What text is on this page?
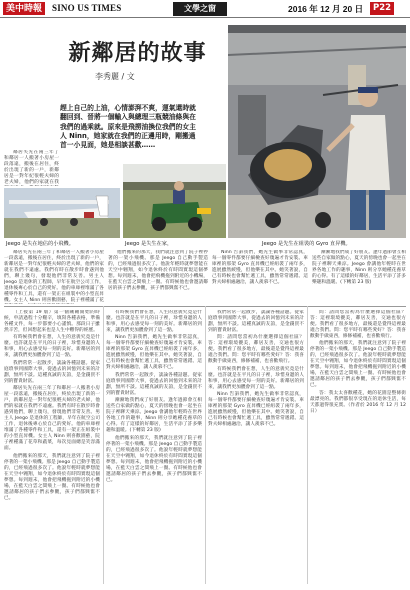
美中時報	SINO US TIMES	文學之窗	2016 年 12 月 20 日	P22
新鄰居的故事
李秀麗 / 文
趕上自己的上油，心情澎湃不爽，運氣還時就翻回到、晉將一個輸入與總理三瓶競油條與在我們的過乘就。原來是飛撈油換位我們的女主人 Ninn，她家就在我們的正邊用時，剛搬過首一小見面，她是相談甚歡……
Jeego 是失在地佔的小飛機。	Jeego 是失生在家，	Jeego 是先生在組裝的 Gyro 直昇機。

鄰居失先在兩三年了和鄰居一人搬著小房屋一段落遠，搬後在居住，終於出現了新的一戶，新鄰居是一對年紀很輕夫婦的老夫婦，他們的家就在我

鄰居失先在兩三年了和鄰居一人搬著小房屋一段落遠，搬後在居住，終於出現了新的一戶，新鄰居是一對年紀很輕夫婦的老夫婦，他們的家就在我們不遠處。我們有時在散步時會遇到他們，聊上幾句，發現他們非常友善。男主人 Jeego 是退休的工程師，早年在航空公司工作，退休後專心於自己的愛好。他的車庫裡堆滿了各種零件和工具，還有一架正在組裝中的小型直昇機。女主人 Ninn 則喜歡園藝，院子裡種滿了花

他們搬來的那天，我們就注意到了院子裡停著的一架小飛機。那是 Jeego 自己動手製造的，已經飛過很多次了。他說年輕時就夢想能在天空中翱翔，如今退休終於有時間實現這個夢想。每到週末，他會把飛機拖到附近的小機場，在藍天白雲之間飛上一圈。有時候他也會邀請鄰居的孩子們去參觀，孩子們都興奮不已。

Ninn 告訴我們，她先生做事非常認真，每一個零件都要仔細檢查好幾遍才肯安裝。車庫裡的那架 Gyro 直昇機已經組裝了兩年多，進展雖然緩慢，但他樂在其中。她笑著說，自己有時候也會幫忙遞工具，雖然常常遞錯。這對夫婦相處融洽，讓人羨慕不已。

漸漸地我們成了好朋友。逢年過節會互相送些自家做的點心，夏天的傍晚也會一起坐在院子裡聊天乘涼。Jeego 會講他年輕時在世界各地工作的趣事，Ninn 則分享她種花養草的心得。有了這樣的好鄰居，生活平添了許多樂趣和溫暖。(下轉第 23 版)

（上接第 19 版）第一個剛剛開始的時候，申請過程十分艱辛，填寫各種表格，準備各種文件，每一步都要小心謹慎。那段日子雖然辛苦，但回想起來也是人生中難得的經歷。

有時候我們會在想，人生的意義究竟是什麼。也許就是在平凡的日子裡，珍惜身邊的人和事，用心去感受每一刻的美好。新鄰居的到來，讓我們更加體會到了這一點。

我們常常一起散步，談論各種話題。從家庭瑣事到國際大事，從過去的回憶到未來的計劃，無所不談。這種真誠的友誼，是金錢買不到的寶貴財富。

鄰居失先在兩三年了和鄰居一人搬著小房屋一段落遠，搬後在居住，終於出現了新的一戶，新鄰居是一對年紀很輕夫婦的老夫婦，他們的家就在我們不遠處。我們有時在散步時會遇到他們，聊上幾句，發現他們非常友善。男主人 Jeego 是退休的工程師，早年在航空公司工作，退休後專心於自己的愛好。他的車庫裡堆滿了各種零件和工具，還有一架正在組裝中的小型直昇機。女主人 Ninn 則喜歡園藝，院子裡種滿了花草和蔬菜，每次見面總是笑容滿面。

他們搬來的那天，我們就注意到了院子裡停著的一架小飛機。那是 Jeego 自己動手製造的，已經飛過很多次了。他說年輕時就夢想能在天空中翱翔，如今退休終於有時間實現這個夢想。每到週末，他會把飛機拖到附近的小機場，在藍天白雲之間飛上一圈。有時候他也會邀請鄰居的孩子們去參觀，孩子們都興奮不已。

有時候我們會在想，人生的意義究竟是什麼。也許就是在平凡的日子裡，珍惜身邊的人和事，用心去感受每一刻的美好。新鄰居的到來，讓我們更加體會到了這一點。

Ninn 告訴我們，她先生做事非常認真，每一個零件都要仔細檢查好幾遍才肯安裝。車庫裡的那架 Gyro 直昇機已經組裝了兩年多，進展雖然緩慢，但他樂在其中。她笑著說，自己有時候也會幫忙遞工具，雖然常常遞錯。這對夫婦相處融洽，讓人羨慕不已。

我們常常一起散步，談論各種話題。從家庭瑣事到國際大事，從過去的回憶到未來的計劃，無所不談。這種真誠的友誼，是金錢買不到的寶貴財富。

漸漸地我們成了好朋友。逢年過節會互相送些自家做的點心，夏天的傍晚也會一起坐在院子裡聊天乘涼。Jeego 會講他年輕時在世界各地工作的趣事，Ninn 則分享她種花養草的心得。有了這樣的好鄰居，生活平添了許多樂趣和溫暖。(下轉第 23 版)

他們搬來的那天，我們就注意到了院子裡停著的一架小飛機。那是 Jeego 自己動手製造的，已經飛過很多次了。他說年輕時就夢想能在天空中翱翔，如今退休終於有時間實現這個夢想。每到週末，他會把飛機拖到附近的小機場，在藍天白雲之間飛上一圈。有時候他也會邀請鄰居的孩子們去參觀，孩子們都興奮不已。

我們常常一起散步，談論各種話題。從家庭瑣事到國際大事，從過去的回憶到未來的計劃，無所不談。這種真誠的友誼，是金錢買不到的寶貴財富。

問：請問您當初為什麼選擇這個社區？答：這裡環境優美，鄰居友善，交通也很方便。我們看了很多地方，最後還是覺得這裡最適合我們。問：您平時有哪些愛好？答：我喜歡動手做東西，修修補補，也喜歡飛行。

有時候我們會在想，人生的意義究竟是什麼。也許就是在平凡的日子裡，珍惜身邊的人和事，用心去感受每一刻的美好。新鄰居的到來，讓我們更加體會到了這一點。

Ninn 告訴我們，她先生做事非常認真，每一個零件都要仔細檢查好幾遍才肯安裝。車庫裡的那架 Gyro 直昇機已經組裝了兩年多，進展雖然緩慢，但他樂在其中。她笑著說，自己有時候也會幫忙遞工具，雖然常常遞錯。這對夫婦相處融洽，讓人羨慕不已。

問：請問您當初為什麼選擇這個社區？答：這裡環境優美，鄰居友善，交通也很方便。我們看了很多地方，最後還是覺得這裡最適合我們。問：您平時有哪些愛好？答：我喜歡動手做東西，修修補補，也喜歡飛行。

他們搬來的那天，我們就注意到了院子裡停著的一架小飛機。那是 Jeego 自己動手製造的，已經飛過很多次了。他說年輕時就夢想能在天空中翱翔，如今退休終於有時間實現這個夢想。每到週末，他會把飛機拖到附近的小機場，在藍天白雲之間飛上一圈。有時候他也會邀請鄰居的孩子們去參觀，孩子們都興奮不已。

答：我太太喜歡種花，她的花園是整條街最漂亮的。我們都很享受現在的退休生活，每天都過得很充實。（作者於 2016 年 12 月 12 日）
